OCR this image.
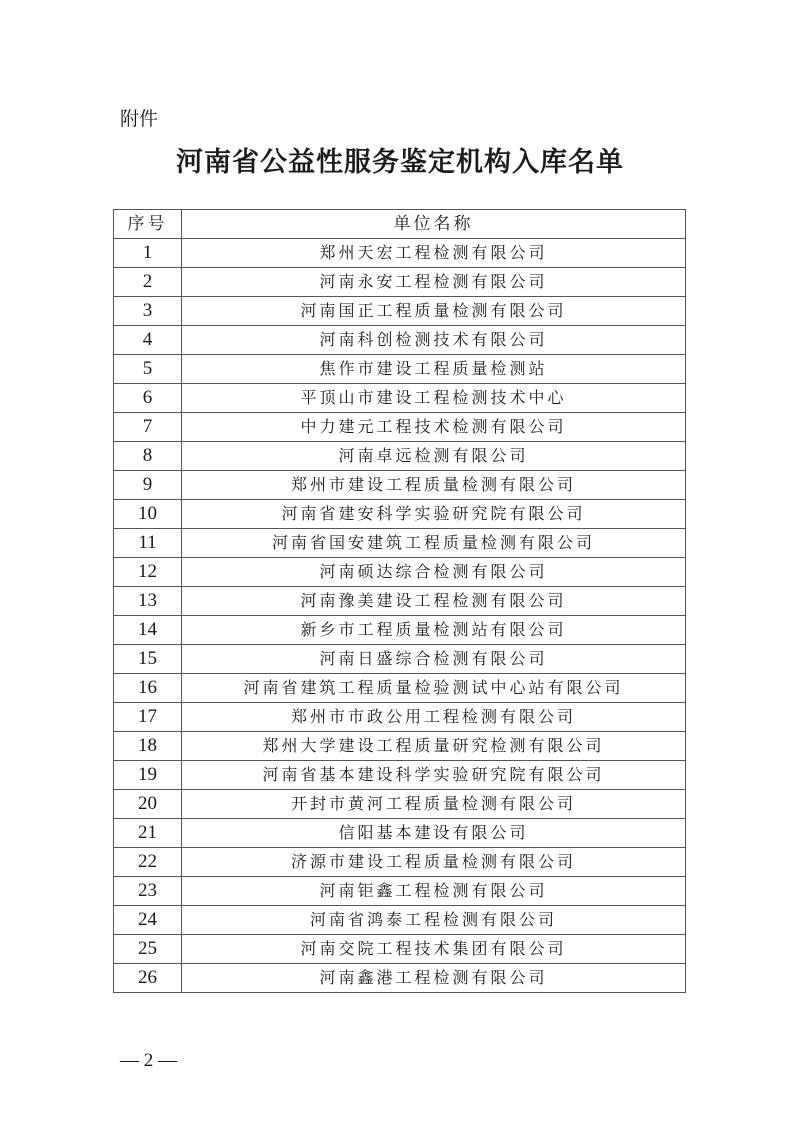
附件
河南省公益性服务鉴定机构入库名单
序号	单位名称
1	郑州天宏工程检测有限公司
2	河南永安工程检测有限公司
3	河南国正工程质量检测有限公司
4	河南科创检测技术有限公司
5	焦作市建设工程质量检测站
6	平顶山市建设工程检测技术中心
7	中力建元工程技术检测有限公司
8	河南卓远检测有限公司
9	郑州市建设工程质量检测有限公司
10	河南省建安科学实验研究院有限公司
11	河南省国安建筑工程质量检测有限公司
12	河南硕达综合检测有限公司
13	河南豫美建设工程检测有限公司
14	新乡市工程质量检测站有限公司
15	河南日盛综合检测有限公司
16	河南省建筑工程质量检验测试中心站有限公司
17	郑州市市政公用工程检测有限公司
18	郑州大学建设工程质量研究检测有限公司
19	河南省基本建设科学实验研究院有限公司
20	开封市黄河工程质量检测有限公司
21	信阳基本建设有限公司
22	济源市建设工程质量检测有限公司
23	河南钜鑫工程检测有限公司
24	河南省鸿泰工程检测有限公司
25	河南交院工程技术集团有限公司
26	河南鑫港工程检测有限公司
— 2 —
